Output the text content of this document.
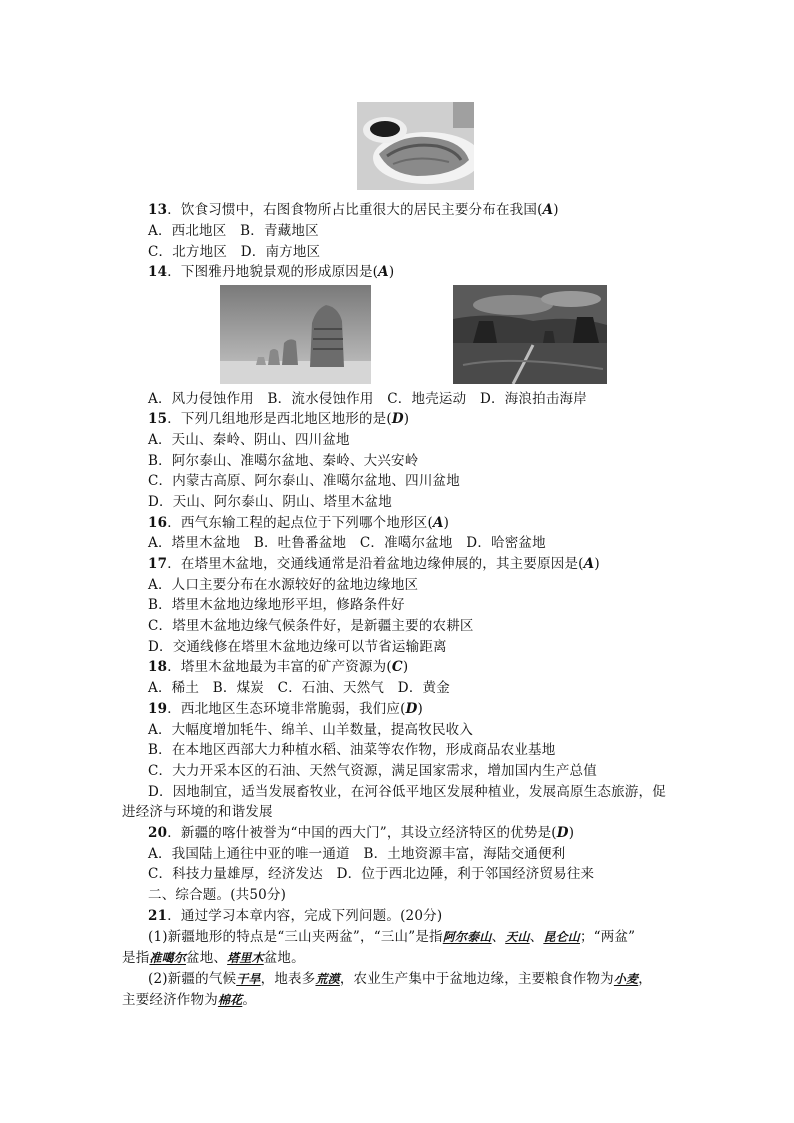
13．饮食习惯中，右图食物所占比重很大的居民主要分布在我国(A)
A．西北地区　B．青藏地区
C．北方地区　D．南方地区
14．下图雅丹地貌景观的形成原因是(A)
A．风力侵蚀作用　B．流水侵蚀作用　C．地壳运动　D．海浪拍击海岸
15．下列几组地形是西北地区地形的是(D)
A．天山、秦岭、阴山、四川盆地
B．阿尔泰山、准噶尔盆地、秦岭、大兴安岭
C．内蒙古高原、阿尔泰山、准噶尔盆地、四川盆地
D．天山、阿尔泰山、阴山、塔里木盆地
16．西气东输工程的起点位于下列哪个地形区(A)
A．塔里木盆地　B．吐鲁番盆地　C．准噶尔盆地　D．哈密盆地
17．在塔里木盆地，交通线通常是沿着盆地边缘伸展的，其主要原因是(A)
A．人口主要分布在水源较好的盆地边缘地区
B．塔里木盆地边缘地形平坦，修路条件好
C．塔里木盆地边缘气候条件好，是新疆主要的农耕区
D．交通线修在塔里木盆地边缘可以节省运输距离
18．塔里木盆地最为丰富的矿产资源为(C)
A．稀土　B．煤炭　C．石油、天然气　D．黄金
19．西北地区生态环境非常脆弱，我们应(D)
A．大幅度增加牦牛、绵羊、山羊数量，提高牧民收入
B．在本地区西部大力种植水稻、油菜等农作物，形成商品农业基地
C．大力开采本区的石油、天然气资源，满足国家需求，增加国内生产总值
D．因地制宜，适当发展畜牧业，在河谷低平地区发展种植业，发展高原生态旅游，促
进经济与环境的和谐发展
20．新疆的喀什被誉为“中国的西大门”，其设立经济特区的优势是(D)
A．我国陆上通往中亚的唯一通道　B．土地资源丰富，海陆交通便利
C．科技力量雄厚，经济发达　D．位于西北边陲，利于邻国经济贸易往来
二、综合题。(共50分)
21．通过学习本章内容，完成下列问题。(20分)
(1)新疆地形的特点是“三山夹两盆”，“三山”是指阿尔泰山、天山、昆仑山；“两盆”
是指准噶尔盆地、塔里木盆地。
(2)新疆的气候干旱，地表多荒漠，农业生产集中于盆地边缘，主要粮食作物为小麦，
主要经济作物为棉花。
